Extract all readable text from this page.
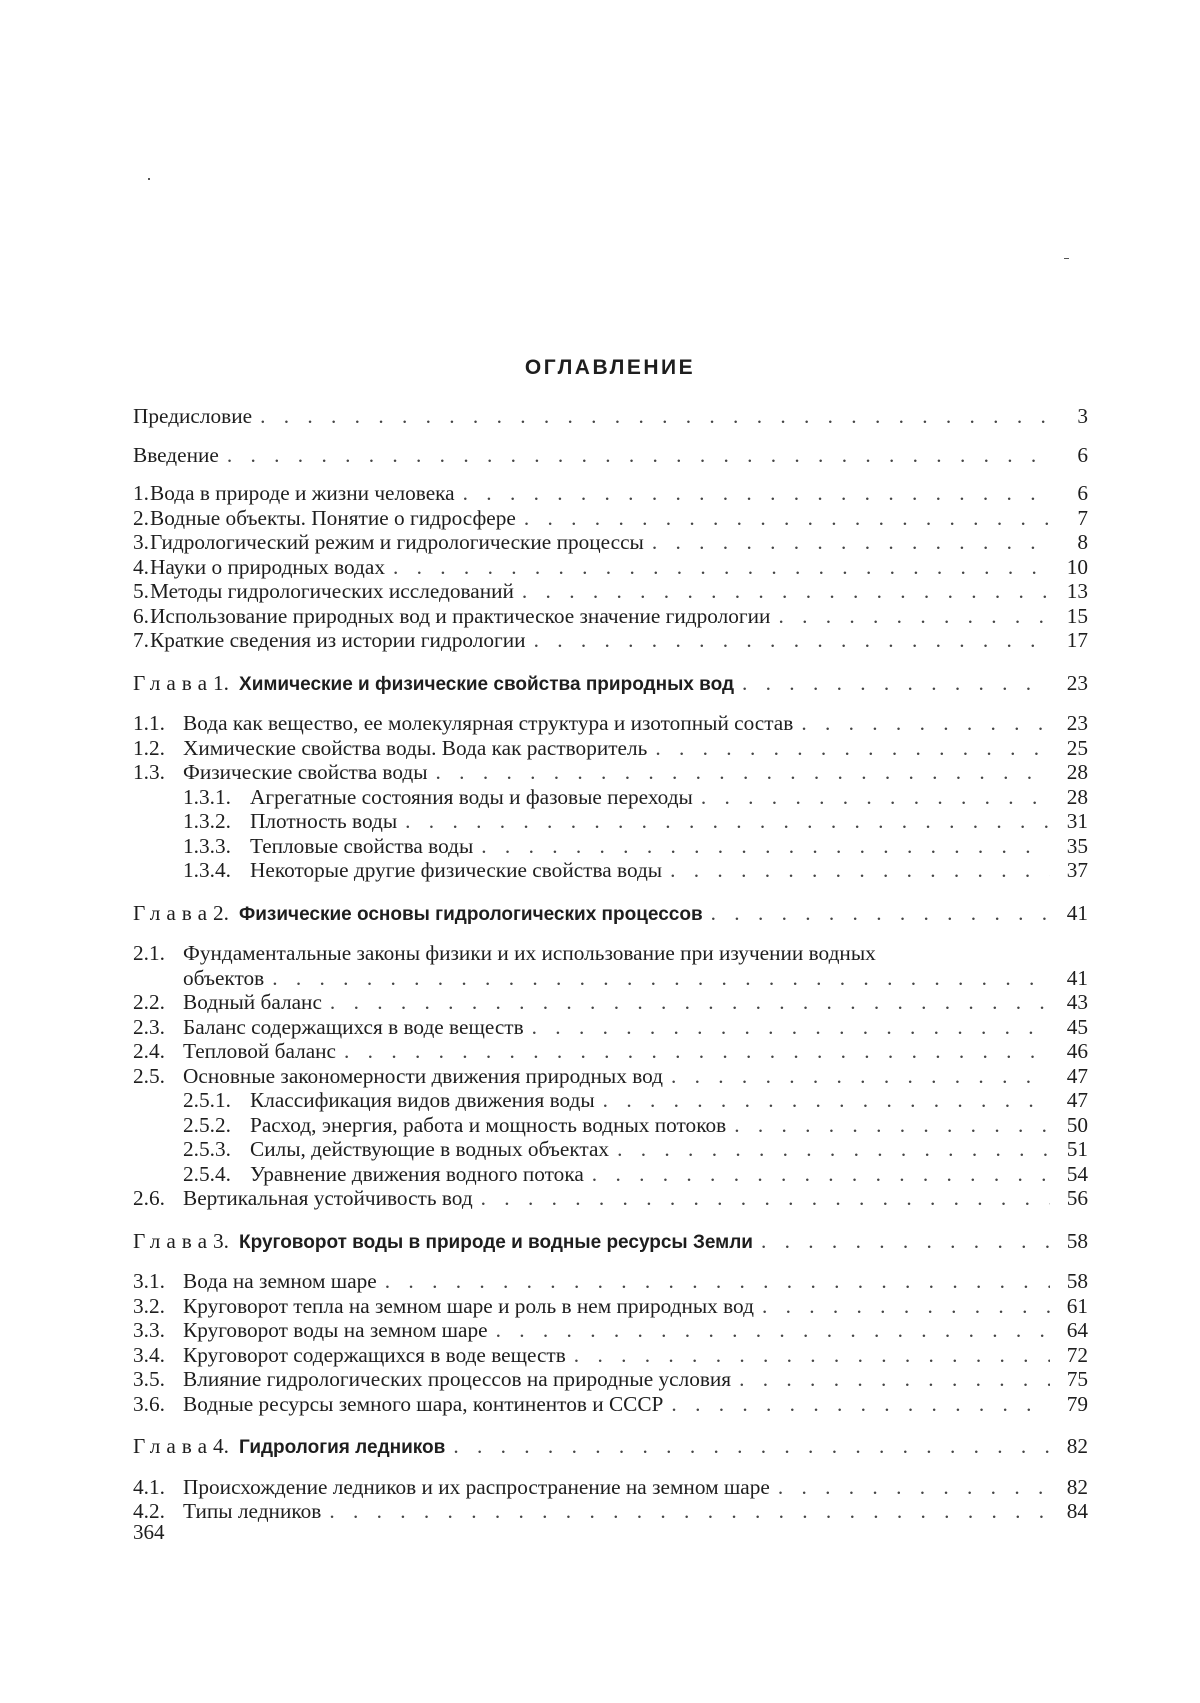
ОГЛАВЛЕНИЕ
Предисловие . . .	3
Введение . . .	6
1. Вода в природе и жизни человека . . .	6
2. Водные объекты. Понятие о гидросфере . . .	7
3. Гидрологический режим и гидрологические процессы . . .	8
4. Науки о природных водах . . .	10
5. Методы гидрологических исследований . . .	13
6. Использование природных вод и практическое значение гидрологии . . .	15
7. Краткие сведения из истории гидрологии . . .	17
Глава 1. Химические и физические свойства природных вод . . .	23
1.1. Вода как вещество, ее молекулярная структура и изотопный состав . . .	23
1.2. Химические свойства воды. Вода как растворитель . . .	25
1.3. Физические свойства воды . . .	28
1.3.1. Агрегатные состояния воды и фазовые переходы . . .	28
1.3.2. Плотность воды . . .	31
1.3.3. Тепловые свойства воды . . .	35
1.3.4. Некоторые другие физические свойства воды . . .	37
Глава 2. Физические основы гидрологических процессов . . .	41
2.1. Фундаментальные законы физики и их использование при изучении водных
объектов . . .	41
2.2. Водный баланс . . .	43
2.3. Баланс содержащихся в воде веществ . . .	45
2.4. Тепловой баланс . . .	46
2.5. Основные закономерности движения природных вод . . .	47
2.5.1. Классификация видов движения воды . . .	47
2.5.2. Расход, энергия, работа и мощность водных потоков . . .	50
2.5.3. Силы, действующие в водных объектах . . .	51
2.5.4. Уравнение движения водного потока . . .	54
2.6. Вертикальная устойчивость вод . . .	56
Глава 3. Круговорот воды в природе и водные ресурсы Земли . . .	58
3.1. Вода на земном шаре . . .	58
3.2. Круговорот тепла на земном шаре и роль в нем природных вод . . .	61
3.3. Круговорот воды на земном шаре . . .	64
3.4. Круговорот содержащихся в воде веществ . . .	72
3.5. Влияние гидрологических процессов на природные условия . . .	75
3.6. Водные ресурсы земного шара, континентов и СССР . . .	79
Глава 4. Гидрология ледников . . .	82
4.1. Происхождение ледников и их распространение на земном шаре . . .	82
4.2. Типы ледников . . .	84
364
